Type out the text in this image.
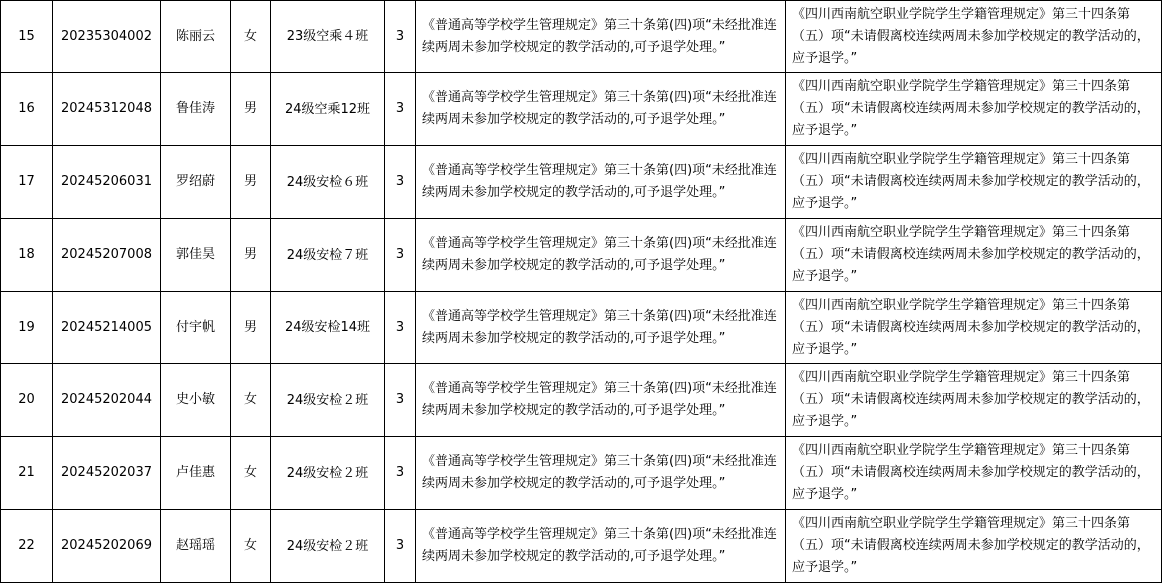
15	20235304002	陈丽云	女	23级空乘４班	3	《普通高等学校学生管理规定》第三十条第(四)项“未经批准连续两周未参加学校规定的教学活动的,可予退学处理。”	《四川西南航空职业学院学生学籍管理规定》第三十四条第（五）项“未请假离校连续两周未参加学校规定的教学活动的，应予退学。”
16	20245312048	鲁佳涛	男	24级空乘12班	3	《普通高等学校学生管理规定》第三十条第(四)项“未经批准连续两周未参加学校规定的教学活动的,可予退学处理。”	《四川西南航空职业学院学生学籍管理规定》第三十四条第（五）项“未请假离校连续两周未参加学校规定的教学活动的，应予退学。”
17	20245206031	罗绍蔚	男	24级安检６班	3	《普通高等学校学生管理规定》第三十条第(四)项“未经批准连续两周未参加学校规定的教学活动的,可予退学处理。”	《四川西南航空职业学院学生学籍管理规定》第三十四条第（五）项“未请假离校连续两周未参加学校规定的教学活动的，应予退学。”
18	20245207008	郭佳昊	男	24级安检７班	3	《普通高等学校学生管理规定》第三十条第(四)项“未经批准连续两周未参加学校规定的教学活动的,可予退学处理。”	《四川西南航空职业学院学生学籍管理规定》第三十四条第（五）项“未请假离校连续两周未参加学校规定的教学活动的，应予退学。”
19	20245214005	付宇帆	男	24级安检14班	3	《普通高等学校学生管理规定》第三十条第(四)项“未经批准连续两周未参加学校规定的教学活动的,可予退学处理。”	《四川西南航空职业学院学生学籍管理规定》第三十四条第（五）项“未请假离校连续两周未参加学校规定的教学活动的，应予退学。”
20	20245202044	史小敏	女	24级安检２班	3	《普通高等学校学生管理规定》第三十条第(四)项“未经批准连续两周未参加学校规定的教学活动的,可予退学处理。”	《四川西南航空职业学院学生学籍管理规定》第三十四条第（五）项“未请假离校连续两周未参加学校规定的教学活动的，应予退学。”
21	20245202037	卢佳惠	女	24级安检２班	3	《普通高等学校学生管理规定》第三十条第(四)项“未经批准连续两周未参加学校规定的教学活动的,可予退学处理。”	《四川西南航空职业学院学生学籍管理规定》第三十四条第（五）项“未请假离校连续两周未参加学校规定的教学活动的，应予退学。”
22	20245202069	赵瑶瑶	女	24级安检２班	3	《普通高等学校学生管理规定》第三十条第(四)项“未经批准连续两周未参加学校规定的教学活动的,可予退学处理。”	《四川西南航空职业学院学生学籍管理规定》第三十四条第（五）项“未请假离校连续两周未参加学校规定的教学活动的，应予退学。”
